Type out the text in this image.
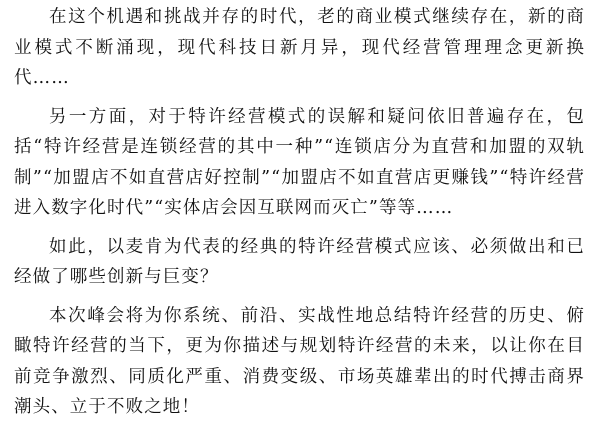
在这个机遇和挑战并存的时代，老的商业模式继续存在，新的商业模式不断涌现，现代科技日新月异，现代经营管理理念更新换代……

另一方面，对于特许经营模式的误解和疑问依旧普遍存在，包括“特许经营是连锁经营的其中一种”“连锁店分为直营和加盟的双轨制”“加盟店不如直营店好控制”“加盟店不如直营店更赚钱”“特许经营进入数字化时代”“实体店会因互联网而灭亡”等等……

如此，以麦肯为代表的经典的特许经营模式应该、必须做出和已经做了哪些创新与巨变？

本次峰会将为你系统、前沿、实战性地总结特许经营的历史、俯瞰特许经营的当下，更为你描述与规划特许经营的未来，以让你在目前竞争激烈、同质化严重、消费变级、市场英雄辈出的时代搏击商界潮头、立于不败之地！
